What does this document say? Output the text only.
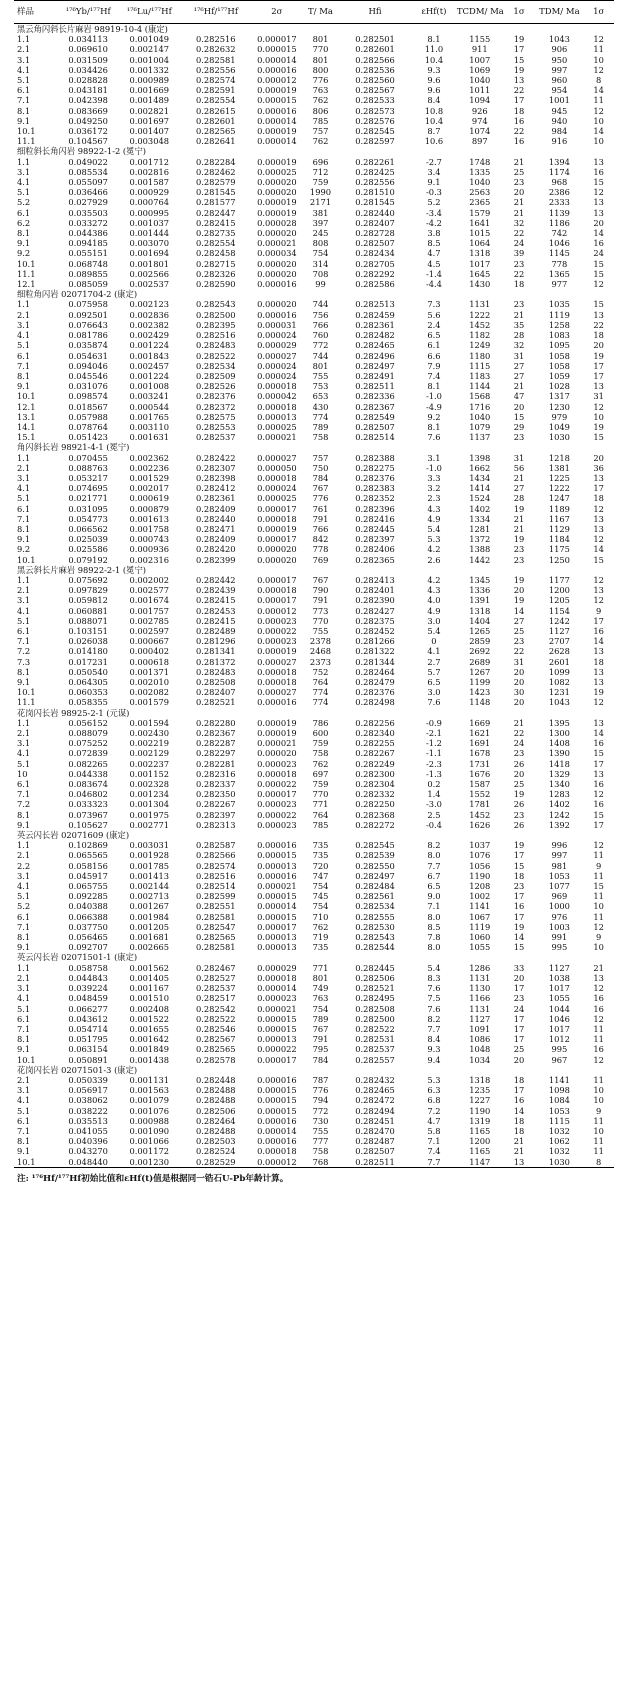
样品	¹⁷⁶Yb/¹⁷⁷Hf	¹⁷⁶Lu/¹⁷⁷Hf	¹⁷⁶Hf/¹⁷⁷Hf	2σ	T/ Ma	Hfi	εHf(t)	TCDM/ Ma	1σ	TDM/ Ma	1σ
黑云角闪斜长片麻岩 98919-10-4 (康定)											
1.1	0.034113	0.001049	0.282516	0.000017	801	0.282501	8.1	1155	19	1043	12
2.1	0.069610	0.002147	0.282632	0.000015	770	0.282601	11.0	911	17	906	11
3.1	0.031509	0.001004	0.282581	0.000014	801	0.282566	10.4	1007	15	950	10
4.1	0.034426	0.001332	0.282556	0.000016	800	0.282536	9.3	1069	19	997	12
5.1	0.028828	0.000989	0.282574	0.000012	776	0.282560	9.6	1040	13	960	8
6.1	0.043181	0.001669	0.282591	0.000019	763	0.282567	9.6	1011	22	954	14
7.1	0.042398	0.001489	0.282554	0.000015	762	0.282533	8.4	1094	17	1001	11
8.1	0.083669	0.002821	0.282615	0.000016	806	0.282573	10.8	926	18	945	12
9.1	0.049250	0.001697	0.282601	0.000014	785	0.282576	10.4	974	16	940	10
10.1	0.036172	0.001407	0.282565	0.000019	757	0.282545	8.7	1074	22	984	14
11.1	0.104567	0.003048	0.282641	0.000014	762	0.282597	10.6	897	16	916	10
细粒斜长角闪岩 98922-1-2 (冕宁)											
1.1	0.049022	0.001712	0.282284	0.000019	696	0.282261	-2.7	1748	21	1394	13
3.1	0.085534	0.002816	0.282462	0.000025	712	0.282425	3.4	1335	25	1174	16
4.1	0.055097	0.001587	0.282579	0.000020	759	0.282556	9.1	1040	23	968	15
5.1	0.036466	0.000929	0.281545	0.000020	1990	0.281510	-0.3	2563	20	2386	12
5.2	0.027929	0.000764	0.281577	0.000019	2171	0.281545	5.2	2365	21	2333	13
6.1	0.035503	0.000995	0.282447	0.000019	381	0.282440	-3.4	1579	21	1139	13
6.2	0.033272	0.001037	0.282415	0.000028	397	0.282407	-4.2	1641	32	1186	20
8.1	0.044386	0.001444	0.282735	0.000020	245	0.282728	3.8	1015	22	742	14
9.1	0.094185	0.003070	0.282554	0.000021	808	0.282507	8.5	1064	24	1046	16
9.2	0.055151	0.001694	0.282458	0.000034	754	0.282434	4.7	1318	39	1145	24
10.1	0.068748	0.001801	0.282715	0.000020	314	0.282705	4.5	1017	23	778	15
11.1	0.089855	0.002566	0.282326	0.000020	708	0.282292	-1.4	1645	22	1365	15
12.1	0.085059	0.002537	0.282590	0.000016	99	0.282586	-4.4	1430	18	977	12
细粒角闪岩 02071704-2 (康定)											
1.1	0.075958	0.002123	0.282543	0.000020	744	0.282513	7.3	1131	23	1035	15
2.1	0.092501	0.002836	0.282500	0.000016	756	0.282459	5.6	1222	21	1119	13
3.1	0.076643	0.002382	0.282395	0.000031	766	0.282361	2.4	1452	35	1258	22
4.1	0.081786	0.002429	0.282516	0.000024	760	0.282482	6.5	1182	28	1083	18
5.1	0.035874	0.001224	0.282483	0.000029	772	0.282465	6.1	1249	32	1095	20
6.1	0.054631	0.001843	0.282522	0.000027	744	0.282496	6.6	1180	31	1058	19
7.1	0.094046	0.002457	0.282534	0.000024	801	0.282497	7.9	1115	27	1058	17
8.1	0.045546	0.001224	0.282509	0.000024	755	0.282491	7.4	1183	27	1059	17
9.1	0.031076	0.001008	0.282526	0.000018	753	0.282511	8.1	1144	21	1028	13
10.1	0.098574	0.003241	0.282376	0.000042	653	0.282336	-1.0	1568	47	1317	31
12.1	0.018567	0.000544	0.282372	0.000018	430	0.282367	-4.9	1716	20	1230	12
13.1	0.057988	0.001765	0.282575	0.000013	774	0.282549	9.2	1040	15	979	10
14.1	0.078764	0.003110	0.282553	0.000025	789	0.282507	8.1	1079	29	1049	19
15.1	0.051423	0.001631	0.282537	0.000021	758	0.282514	7.6	1137	23	1030	15
角闪斜长岩 98921-4-1 (冕宁)											
1.1	0.070455	0.002362	0.282422	0.000027	757	0.282388	3.1	1398	31	1218	20
2.1	0.088763	0.002236	0.282307	0.000050	750	0.282275	-1.0	1662	56	1381	36
3.1	0.053217	0.001529	0.282398	0.000018	784	0.282376	3.3	1434	21	1225	13
4.1	0.074695	0.002017	0.282412	0.000024	767	0.282383	3.2	1414	27	1222	17
5.1	0.021771	0.000619	0.282361	0.000025	776	0.282352	2.3	1524	28	1247	18
6.1	0.031095	0.000879	0.282409	0.000017	761	0.282396	4.3	1402	19	1189	12
7.1	0.054773	0.001613	0.282440	0.000018	791	0.282416	4.9	1334	21	1167	13
8.1	0.066562	0.001758	0.282471	0.000019	766	0.282445	5.4	1281	21	1129	13
9.1	0.025039	0.000743	0.282409	0.000017	842	0.282397	5.3	1372	19	1184	12
9.2	0.025586	0.000936	0.282420	0.000020	778	0.282406	4.2	1388	23	1175	14
10.1	0.079192	0.002316	0.282399	0.000020	769	0.282365	2.6	1442	23	1250	15
黑云斜长片麻岩 98922-2-1 (冕宁)											
1.1	0.075692	0.002002	0.282442	0.000017	767	0.282413	4.2	1345	19	1177	12
2.1	0.097829	0.002577	0.282439	0.000018	790	0.282401	4.3	1336	20	1200	13
3.1	0.059812	0.001674	0.282415	0.000017	791	0.282390	4.0	1391	19	1205	12
4.1	0.060881	0.001757	0.282453	0.000012	773	0.282427	4.9	1318	14	1154	9
5.1	0.088071	0.002785	0.282415	0.000023	770	0.282375	3.0	1404	27	1242	17
6.1	0.103151	0.002597	0.282489	0.000022	755	0.282452	5.4	1265	25	1127	16
7.1	0.026038	0.000667	0.281296	0.000023	2378	0.281266	0	2859	23	2707	14
7.2	0.014180	0.000402	0.281341	0.000019	2468	0.281322	4.1	2692	22	2628	13
7.3	0.017231	0.000618	0.281372	0.000027	2373	0.281344	2.7	2689	31	2601	18
8.1	0.050540	0.001371	0.282483	0.000018	752	0.282464	5.7	1267	20	1099	13
9.1	0.064305	0.002010	0.282508	0.000018	764	0.282479	6.5	1199	20	1082	13
10.1	0.060353	0.002082	0.282407	0.000027	774	0.282376	3.0	1423	30	1231	19
11.1	0.058355	0.001579	0.282521	0.000016	774	0.282498	7.6	1148	20	1043	12
花岗闪长岩 98925-2-1 (元谋)											
1.1	0.056152	0.001594	0.282280	0.000019	786	0.282256	-0.9	1669	21	1395	13
2.1	0.088079	0.002430	0.282367	0.000019	600	0.282340	-2.1	1621	22	1300	14
3.1	0.075252	0.002219	0.282287	0.000021	759	0.282255	-1.2	1691	24	1408	16
4.1	0.072839	0.002129	0.282297	0.000020	758	0.282267	-1.1	1678	23	1390	15
5.1	0.082265	0.002237	0.282281	0.000023	762	0.282249	-2.3	1731	26	1418	17
10	0.044338	0.001152	0.282316	0.000018	697	0.282300	-1.3	1676	20	1329	13
6.1	0.083674	0.002328	0.282337	0.000022	759	0.282304	0.2	1587	25	1340	16
7.1	0.046802	0.001234	0.282350	0.000017	770	0.282332	1.4	1552	19	1283	12
7.2	0.033323	0.001304	0.282267	0.000023	771	0.282250	-3.0	1781	26	1402	16
8.1	0.073967	0.001975	0.282397	0.000022	764	0.282368	2.5	1452	23	1242	15
9.1	0.105627	0.002771	0.282313	0.000023	785	0.282272	-0.4	1626	26	1392	17
英云闪长岩 02071609 (康定)											
1.1	0.102869	0.003031	0.282587	0.000016	735	0.282545	8.2	1037	19	996	12
2.1	0.065565	0.001928	0.282566	0.000015	735	0.282539	8.0	1076	17	997	11
2.2	0.058156	0.001785	0.282574	0.000013	720	0.282550	7.7	1056	15	981	9
3.1	0.045917	0.001413	0.282516	0.000016	747	0.282497	6.7	1190	18	1053	11
4.1	0.065755	0.002144	0.282514	0.000021	754	0.282484	6.5	1208	23	1077	15
5.1	0.092285	0.002713	0.282599	0.000015	745	0.282561	9.0	1002	17	969	11
5.2	0.040388	0.001267	0.282551	0.000014	754	0.282534	7.1	1141	16	1000	10
6.1	0.066388	0.001984	0.282581	0.000015	710	0.282555	8.0	1067	17	976	11
7.1	0.037750	0.001205	0.282547	0.000017	762	0.282530	8.5	1119	19	1003	12
8.1	0.056465	0.001681	0.282565	0.000013	719	0.282543	7.8	1060	14	991	9
9.1	0.092707	0.002665	0.282581	0.000013	735	0.282544	8.0	1055	15	995	10
英云闪长岩 02071501-1 (康定)											
1.1	0.058758	0.001562	0.282467	0.000029	771	0.282445	5.4	1286	33	1127	21
2.1	0.044843	0.001405	0.282527	0.000018	801	0.282506	8.3	1131	20	1038	13
3.1	0.039224	0.001167	0.282537	0.000014	749	0.282521	7.6	1130	17	1017	12
4.1	0.048459	0.001510	0.282517	0.000023	763	0.282495	7.5	1166	23	1055	16
5.1	0.066277	0.002408	0.282542	0.000021	754	0.282508	7.6	1131	24	1044	16
6.1	0.043612	0.001522	0.282522	0.000015	789	0.282500	8.2	1127	17	1046	12
7.1	0.054714	0.001655	0.282546	0.000015	767	0.282522	7.7	1091	17	1017	11
8.1	0.051795	0.001642	0.282567	0.000013	791	0.282531	8.4	1086	17	1012	11
9.1	0.063154	0.001849	0.282565	0.000022	795	0.282537	9.3	1048	25	995	16
10.1	0.050891	0.001438	0.282578	0.000017	784	0.282557	9.4	1034	20	967	12
花岗闪长岩 02071501-3 (康定)											
2.1	0.050339	0.001131	0.282448	0.000016	787	0.282432	5.3	1318	18	1141	11
3.1	0.056917	0.001563	0.282488	0.000015	776	0.282465	6.3	1235	17	1098	10
4.1	0.038062	0.001079	0.282488	0.000015	794	0.282472	6.8	1227	16	1084	10
5.1	0.038222	0.001076	0.282506	0.000015	772	0.282494	7.2	1190	14	1053	9
6.1	0.035513	0.000988	0.282464	0.000016	730	0.282451	4.7	1319	18	1115	11
7.1	0.041055	0.001090	0.282488	0.000014	755	0.282470	5.8	1165	18	1032	10
8.1	0.040396	0.001066	0.282503	0.000016	777	0.282487	7.1	1200	21	1062	11
9.1	0.043270	0.001172	0.282524	0.000018	758	0.282507	7.4	1165	21	1032	11
10.1	0.048440	0.001230	0.282529	0.000012	768	0.282511	7.7	1147	13	1030	8
注: ¹⁷⁶Hf/¹⁷⁷Hf初始比值和εHf(t)值是根据同一锆石U-Pb年龄计算。
